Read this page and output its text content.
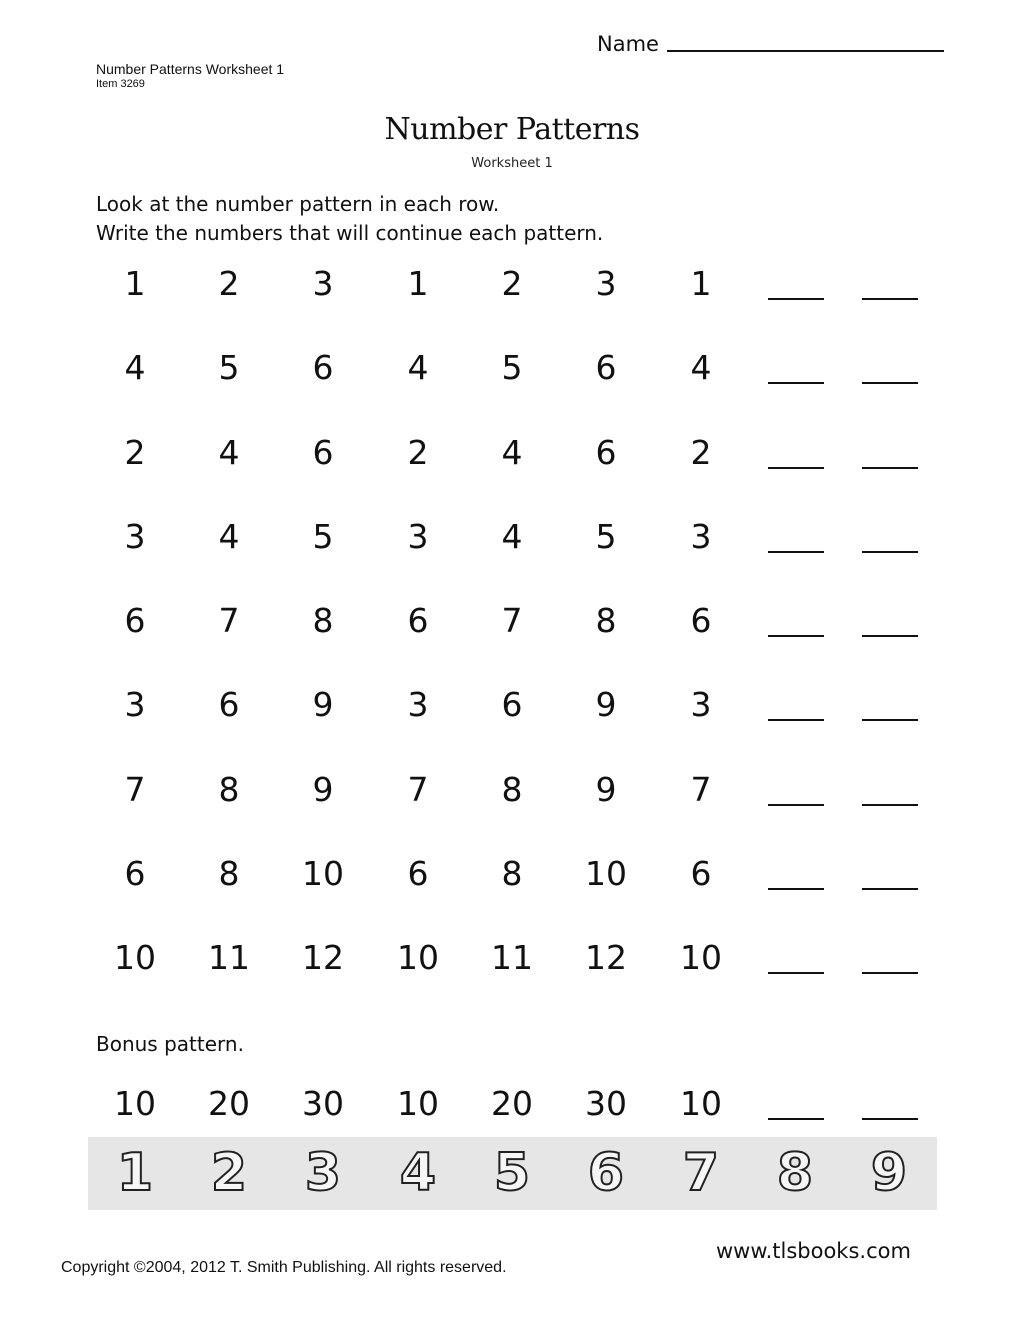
Name
Number Patterns Worksheet 1
Item 3269
Number Patterns
Worksheet 1
Look at the number pattern in each row.
Write the numbers that will continue each pattern.
1	2	3	1	2	3	1
4	5	6	4	5	6	4
2	4	6	2	4	6	2
3	4	5	3	4	5	3
6	7	8	6	7	8	6
3	6	9	3	6	9	3
7	8	9	7	8	9	7
6	8	10	6	8	10	6
10	11	12	10	11	12	10
Bonus pattern.
10	20	30	10	20	30	10
1	2	3	4	5	6	7	8	9
www.tlsbooks.com
Copyright ©2004, 2012 T. Smith Publishing. All rights reserved.
